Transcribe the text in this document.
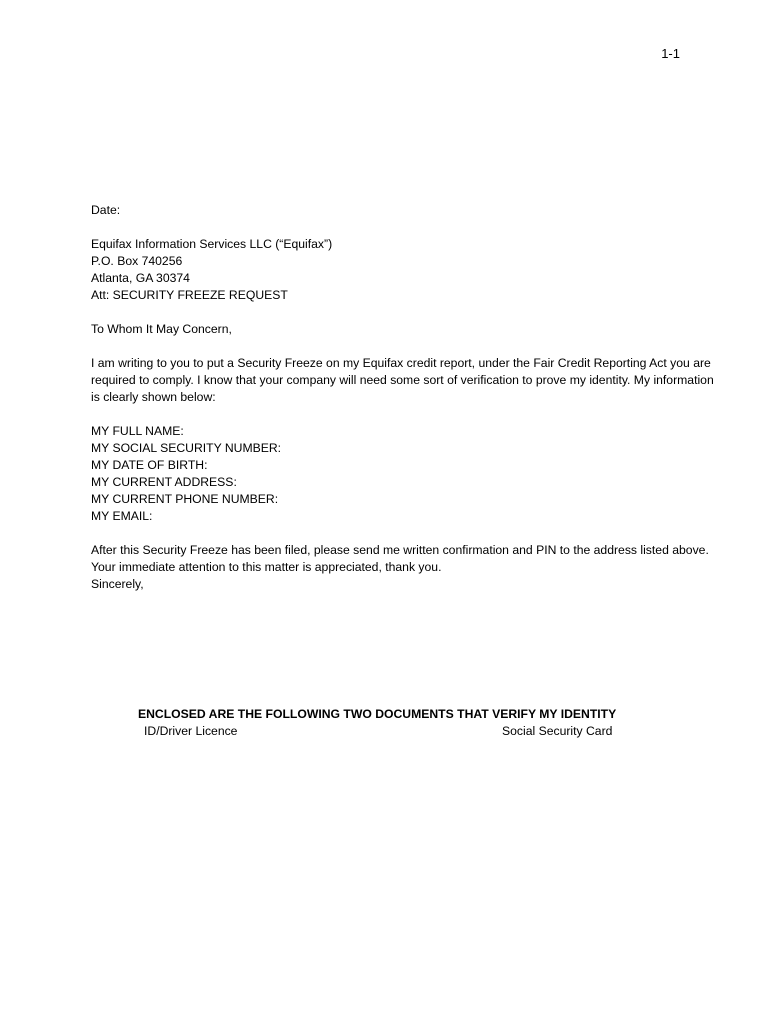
1-1
Date:
Equifax Information Services LLC (“Equifax”)
P.O. Box 740256
Atlanta, GA 30374
Att: SECURITY FREEZE REQUEST
To Whom It May Concern,
I am writing to you to put a Security Freeze on my Equifax credit report, under the Fair Credit Reporting Act you are required to comply. I know that your company will need some sort of verification to prove my identity. My information is clearly shown below:
MY FULL NAME:
MY SOCIAL SECURITY NUMBER:
MY DATE OF BIRTH:
MY CURRENT ADDRESS:
MY CURRENT PHONE NUMBER:
MY EMAIL:
After this Security Freeze has been filed, please send me written confirmation and PIN to the address listed above. Your immediate attention to this matter is appreciated, thank you.
Sincerely,
ENCLOSED ARE THE FOLLOWING TWO DOCUMENTS THAT VERIFY MY IDENTITY
ID/Driver Licence	Social Security Card
